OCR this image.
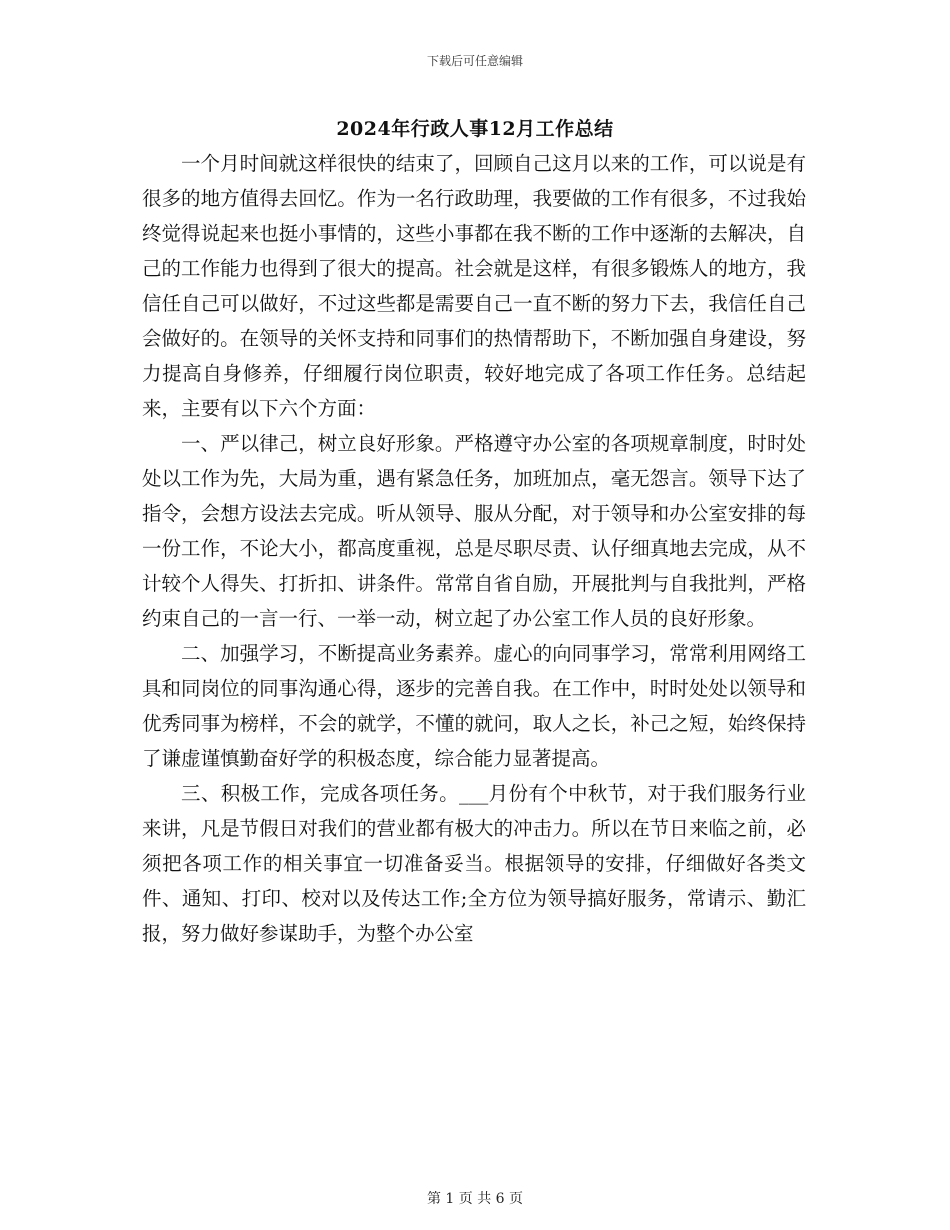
下载后可任意编辑
2024年行政人事12月工作总结

一个月时间就这样很快的结束了，回顾自己这月以来的工作，可以说是有很多的地方值得去回忆。作为一名行政助理，我要做的工作有很多，不过我始终觉得说起来也挺小事情的，这些小事都在我不断的工作中逐渐的去解决，自己的工作能力也得到了很大的提高。社会就是这样，有很多锻炼人的地方，我信任自己可以做好，不过这些都是需要自己一直不断的努力下去，我信任自己会做好的。在领导的关怀支持和同事们的热情帮助下，不断加强自身建设，努力提高自身修养，仔细履行岗位职责，较好地完成了各项工作任务。总结起来，主要有以下六个方面：

一、严以律己，树立良好形象。严格遵守办公室的各项规章制度，时时处处以工作为先，大局为重，遇有紧急任务，加班加点，毫无怨言。领导下达了指令，会想方设法去完成。听从领导、服从分配，对于领导和办公室安排的每一份工作，不论大小，都高度重视，总是尽职尽责、认仔细真地去完成，从不计较个人得失、打折扣、讲条件。常常自省自励，开展批判与自我批判，严格约束自己的一言一行、一举一动，树立起了办公室工作人员的良好形象。

二、加强学习，不断提高业务素养。虚心的向同事学习，常常利用网络工具和同岗位的同事沟通心得，逐步的完善自我。在工作中，时时处处以领导和优秀同事为榜样，不会的就学，不懂的就问，取人之长，补己之短，始终保持了谦虚谨慎勤奋好学的积极态度，综合能力显著提高。

三、积极工作，完成各项任务。___月份有个中秋节，对于我们服务行业来讲，凡是节假日对我们的营业都有极大的冲击力。所以在节日来临之前，必须把各项工作的相关事宜一切准备妥当。根据领导的安排，仔细做好各类文件、通知、打印、校对以及传达工作;全方位为领导搞好服务，常请示、勤汇报，努力做好参谋助手，为整个办公室

第 1 页 共 6 页
